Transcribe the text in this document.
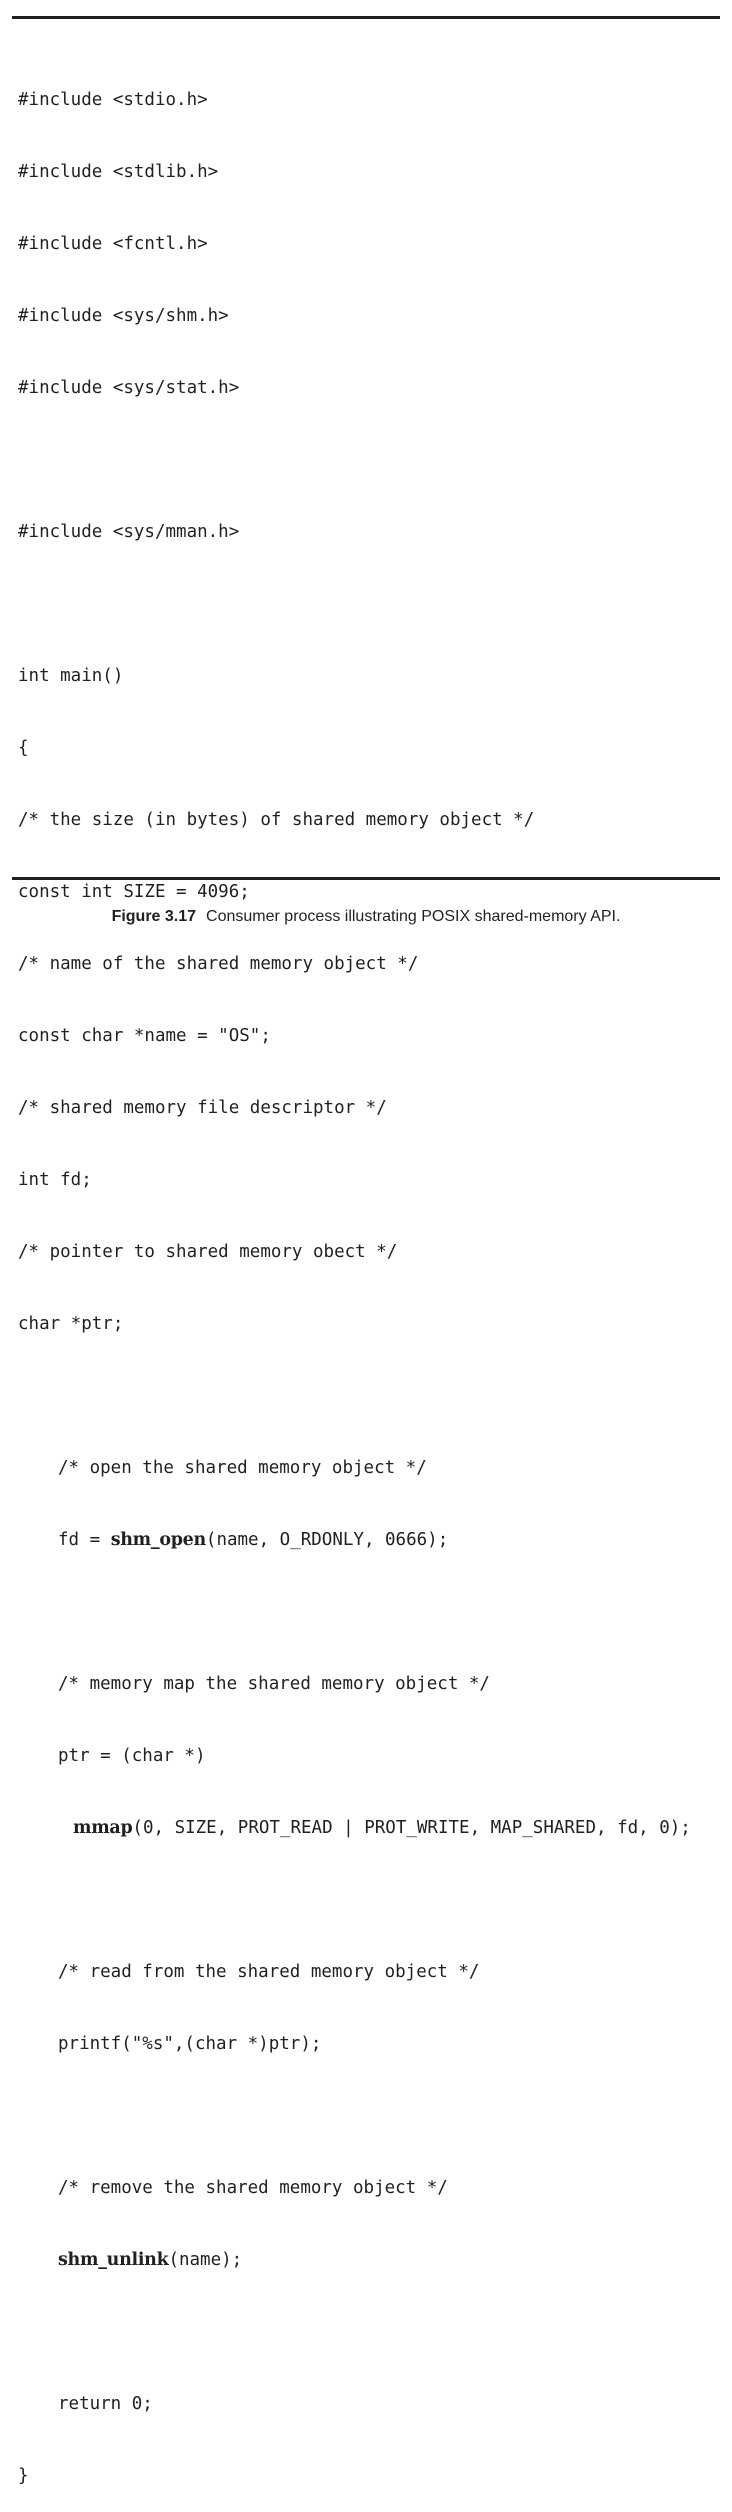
#include <stdio.h>

#include <stdlib.h>

#include <fcntl.h>

#include <sys/shm.h>

#include <sys/stat.h>

#include <sys/mman.h>

int main()

{

/* the size (in bytes) of shared memory object */

const int SIZE = 4096;

/* name of the shared memory object */

const char *name = "OS";

/* shared memory file descriptor */

int fd;

/* pointer to shared memory obect */

char *ptr;

/* open the shared memory object */

fd = shm_open(name, O_RDONLY, 0666);

/* memory map the shared memory object */

ptr = (char *)

mmap(0, SIZE, PROT_READ | PROT_WRITE, MAP_SHARED, fd, 0);

/* read from the shared memory object */

printf("%s",(char *)ptr);

/* remove the shared memory object */

shm_unlink(name);

return 0;

}

Figure 3.17 Consumer process illustrating POSIX shared-memory API.
